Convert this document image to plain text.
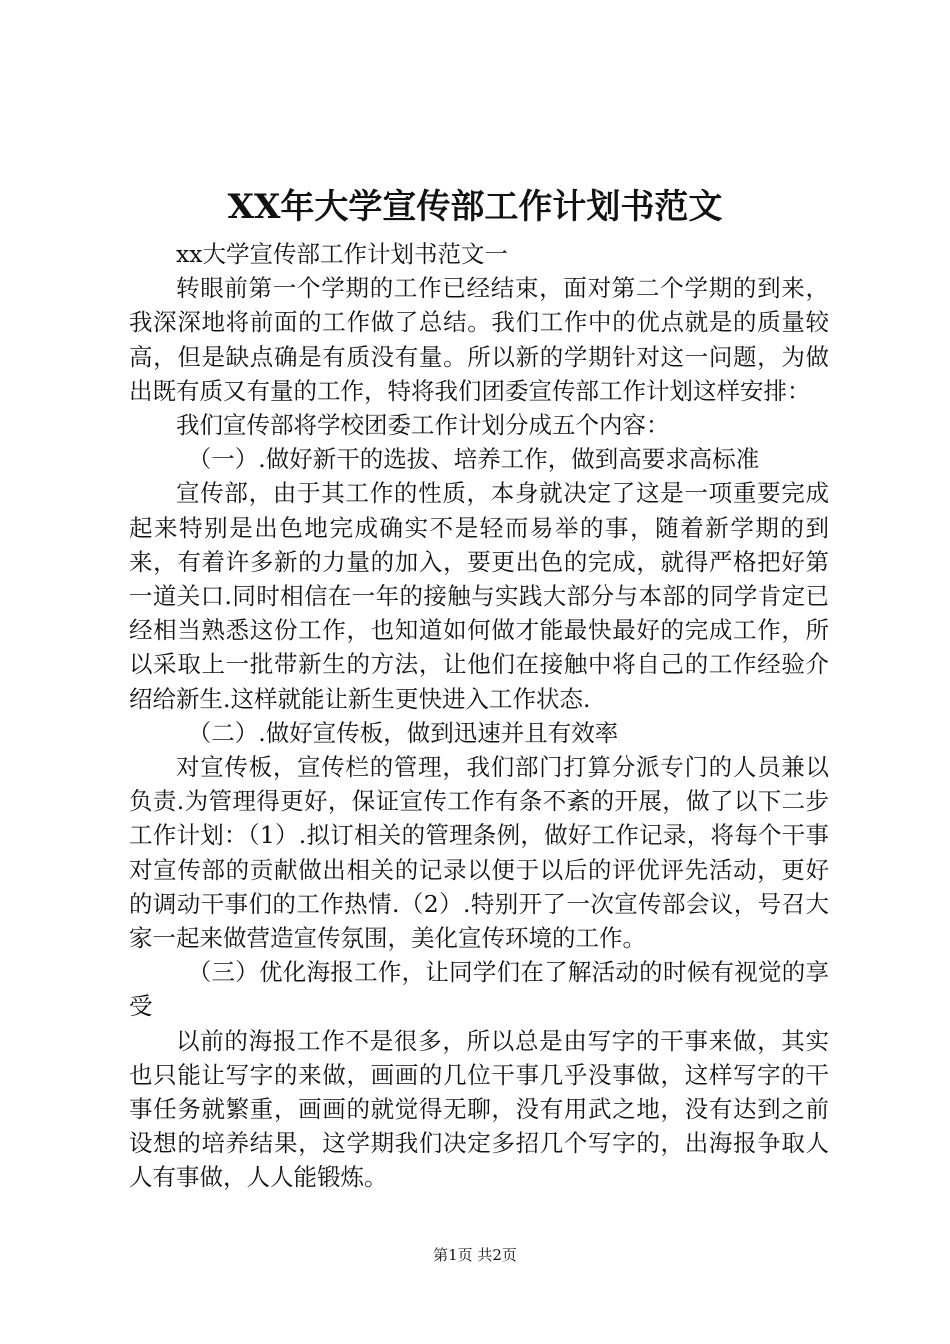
XX年大学宣传部工作计划书范文

xx大学宣传部工作计划书范文一

转眼前第一个学期的工作已经结束，面对第二个学期的到来，我深深地将前面的工作做了总结。我们工作中的优点就是的质量较高，但是缺点确是有质没有量。所以新的学期针对这一问题，为做出既有质又有量的工作，特将我们团委宣传部工作计划这样安排：

我们宣传部将学校团委工作计划分成五个内容：

（一）.做好新干的选拔、培养工作，做到高要求高标准

宣传部，由于其工作的性质，本身就决定了这是一项重要完成起来特别是出色地完成确实不是轻而易举的事，随着新学期的到来，有着许多新的力量的加入，要更出色的完成，就得严格把好第一道关口.同时相信在一年的接触与实践大部分与本部的同学肯定已经相当熟悉这份工作，也知道如何做才能最快最好的完成工作，所以采取上一批带新生的方法，让他们在接触中将自己的工作经验介绍给新生.这样就能让新生更快进入工作状态.

（二）.做好宣传板，做到迅速并且有效率

对宣传板，宣传栏的管理，我们部门打算分派专门的人员兼以负责.为管理得更好，保证宣传工作有条不紊的开展，做了以下二步工作计划：（1）.拟订相关的管理条例，做好工作记录，将每个干事对宣传部的贡献做出相关的记录以便于以后的评优评先活动，更好的调动干事们的工作热情.（2）.特别开了一次宣传部会议，号召大家一起来做营造宣传氛围，美化宣传环境的工作。

（三）优化海报工作，让同学们在了解活动的时候有视觉的享受

以前的海报工作不是很多，所以总是由写字的干事来做，其实也只能让写字的来做，画画的几位干事几乎没事做，这样写字的干事任务就繁重，画画的就觉得无聊，没有用武之地，没有达到之前设想的培养结果，这学期我们决定多招几个写字的，出海报争取人人有事做，人人能锻炼。

第1页 共2页
